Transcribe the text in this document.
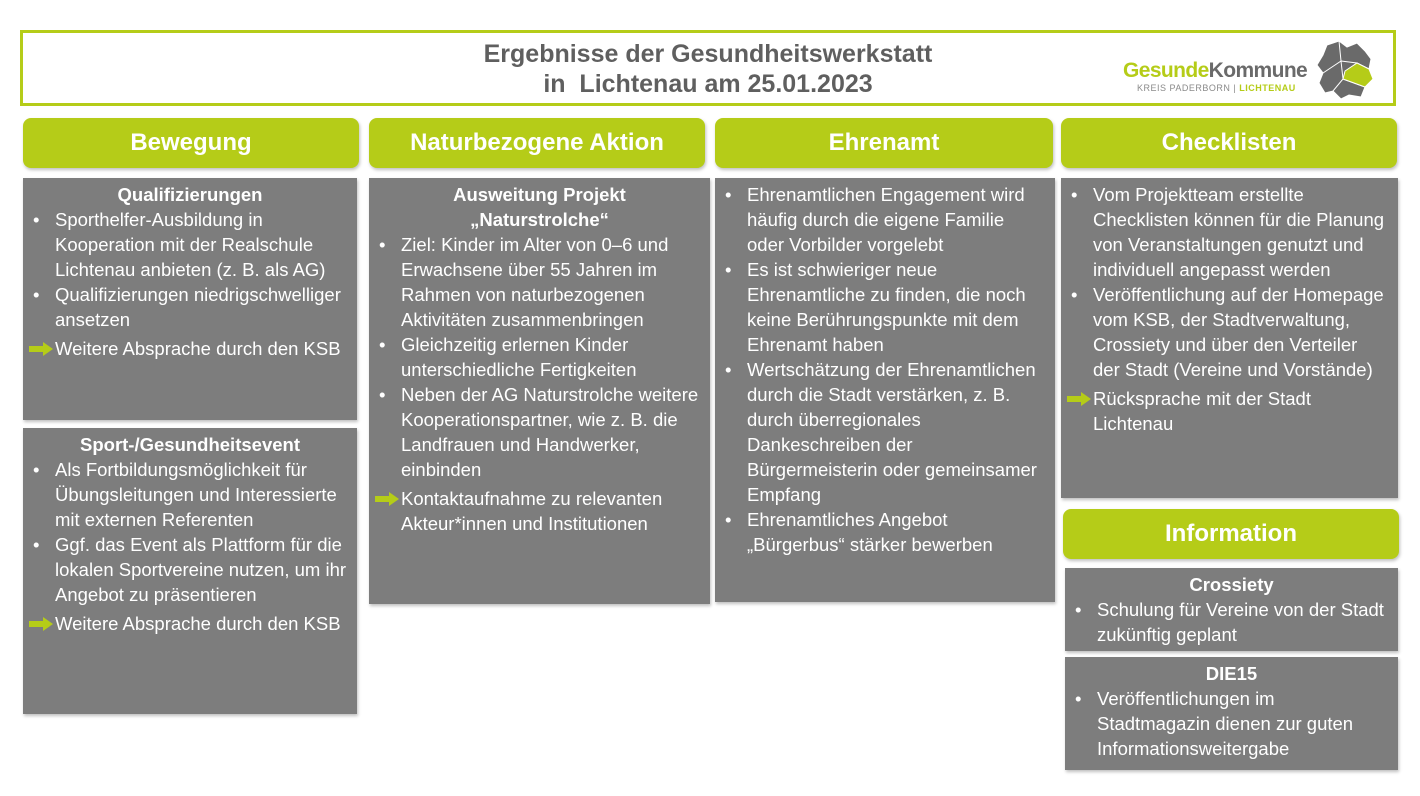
Ergebnisse der Gesundheitswerkstatt
in  Lichtenau am 25.01.2023	GesundeKommune
KREIS PADERBORN | LICHTENAU
Bewegung	Naturbezogene Aktion	Ehrenamt	Checklisten
Qualifizierungen
• Sporthelfer-Ausbildung in Kooperation mit der Realschule Lichtenau anbieten (z. B. als AG)
• Qualifizierungen niedrigschwelliger ansetzen
Weitere Absprache durch den KSB
Sport-/Gesundheitsevent
• Als Fortbildungsmöglichkeit für Übungsleitungen und Interessierte mit externen Referenten
• Ggf. das Event als Plattform für die lokalen Sportvereine nutzen, um ihr Angebot zu präsentieren
Weitere Absprache durch den KSB
Ausweitung Projekt
„Naturstrolche“
• Ziel: Kinder im Alter von 0–6 und Erwachsene über 55 Jahren im Rahmen von naturbezogenen Aktivitäten zusammenbringen
• Gleichzeitig erlernen Kinder unterschiedliche Fertigkeiten
• Neben der AG Naturstrolche weitere Kooperationspartner, wie z. B. die Landfrauen und Handwerker, einbinden
Kontaktaufnahme zu relevanten Akteur*innen und Institutionen
• Ehrenamtlichen Engagement wird häufig durch die eigene Familie oder Vorbilder vorgelebt
• Es ist schwieriger neue Ehrenamtliche zu finden, die noch keine Berührungspunkte mit dem Ehrenamt haben
• Wertschätzung der Ehrenamtlichen durch die Stadt verstärken, z. B. durch überregionales Dankeschreiben der Bürgermeisterin oder gemeinsamer Empfang
• Ehrenamtliches Angebot „Bürgerbus“ stärker bewerben
• Vom Projektteam erstellte Checklisten können für die Planung von Veranstaltungen genutzt und individuell angepasst werden
• Veröffentlichung auf der Homepage vom KSB, der Stadtverwaltung, Crossiety und über den Verteiler der Stadt (Vereine und Vorstände)
Rücksprache mit der Stadt Lichtenau
Information
Crossiety
• Schulung für Vereine von der Stadt zukünftig geplant
DIE15
• Veröffentlichungen im Stadtmagazin dienen zur guten Informationsweitergabe
